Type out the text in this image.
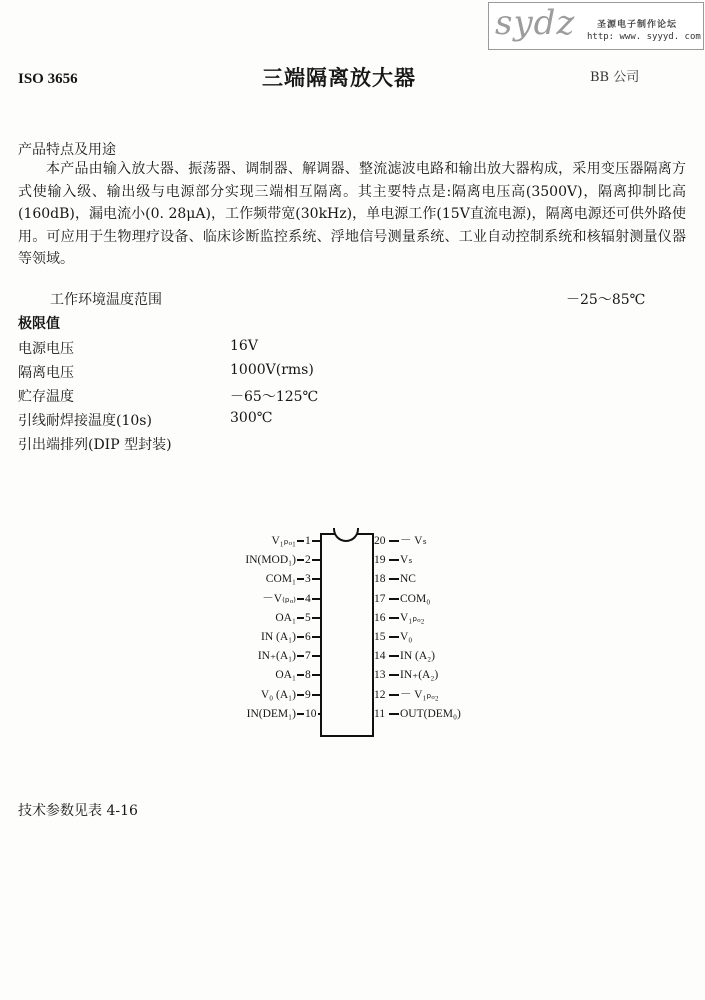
sydz 圣源电子制作论坛
http: www. syyyd. com
ISO 3656	三端隔离放大器	BB 公司
产品特点及用途
本产品由输入放大器、振荡器、调制器、解调器、整流滤波电路和输出放大器构成，采用变压器隔离方式使输入级、输出级与电源部分实现三端相互隔离。其主要特点是:隔离电压高(3500V)，隔离抑制比高(160dB)，漏电流小(0. 28μA)，工作频带宽(30kHz)，单电源工作(15V直流电源)，隔离电源还可供外路使用。可应用于生物理疗设备、临床诊断监控系统、浮地信号测量系统、工业自动控制系统和核辐射测量仪器等领域。
工作环境温度范围	－25～85℃
极限值
电源电压	16V
隔离电压	1000V(rms)
贮存温度	－65～125℃
引线耐焊接温度(10s)	300℃
引出端排列(DIP 型封装)
V₁ₚₒ₁ 1
IN(MOD₁) 2
COM₁ 3
－V₍ₚₒ₎ 4
OA₁ 5
IN (A₁) 6
IN₊(A₁) 7
OA₁ 8
V₀ (A₁) 9
IN(DEM₁) 10
20 － Vₛ
19 Vₛ
18 NC
17 COM₀
16 V₁ₚₒ₂
15 V₀
14 IN (A₂)
13 IN₊(A₂)
12 － V₁ₚₒ₂
11 OUT(DEM₀)
技术参数见表 4-16
